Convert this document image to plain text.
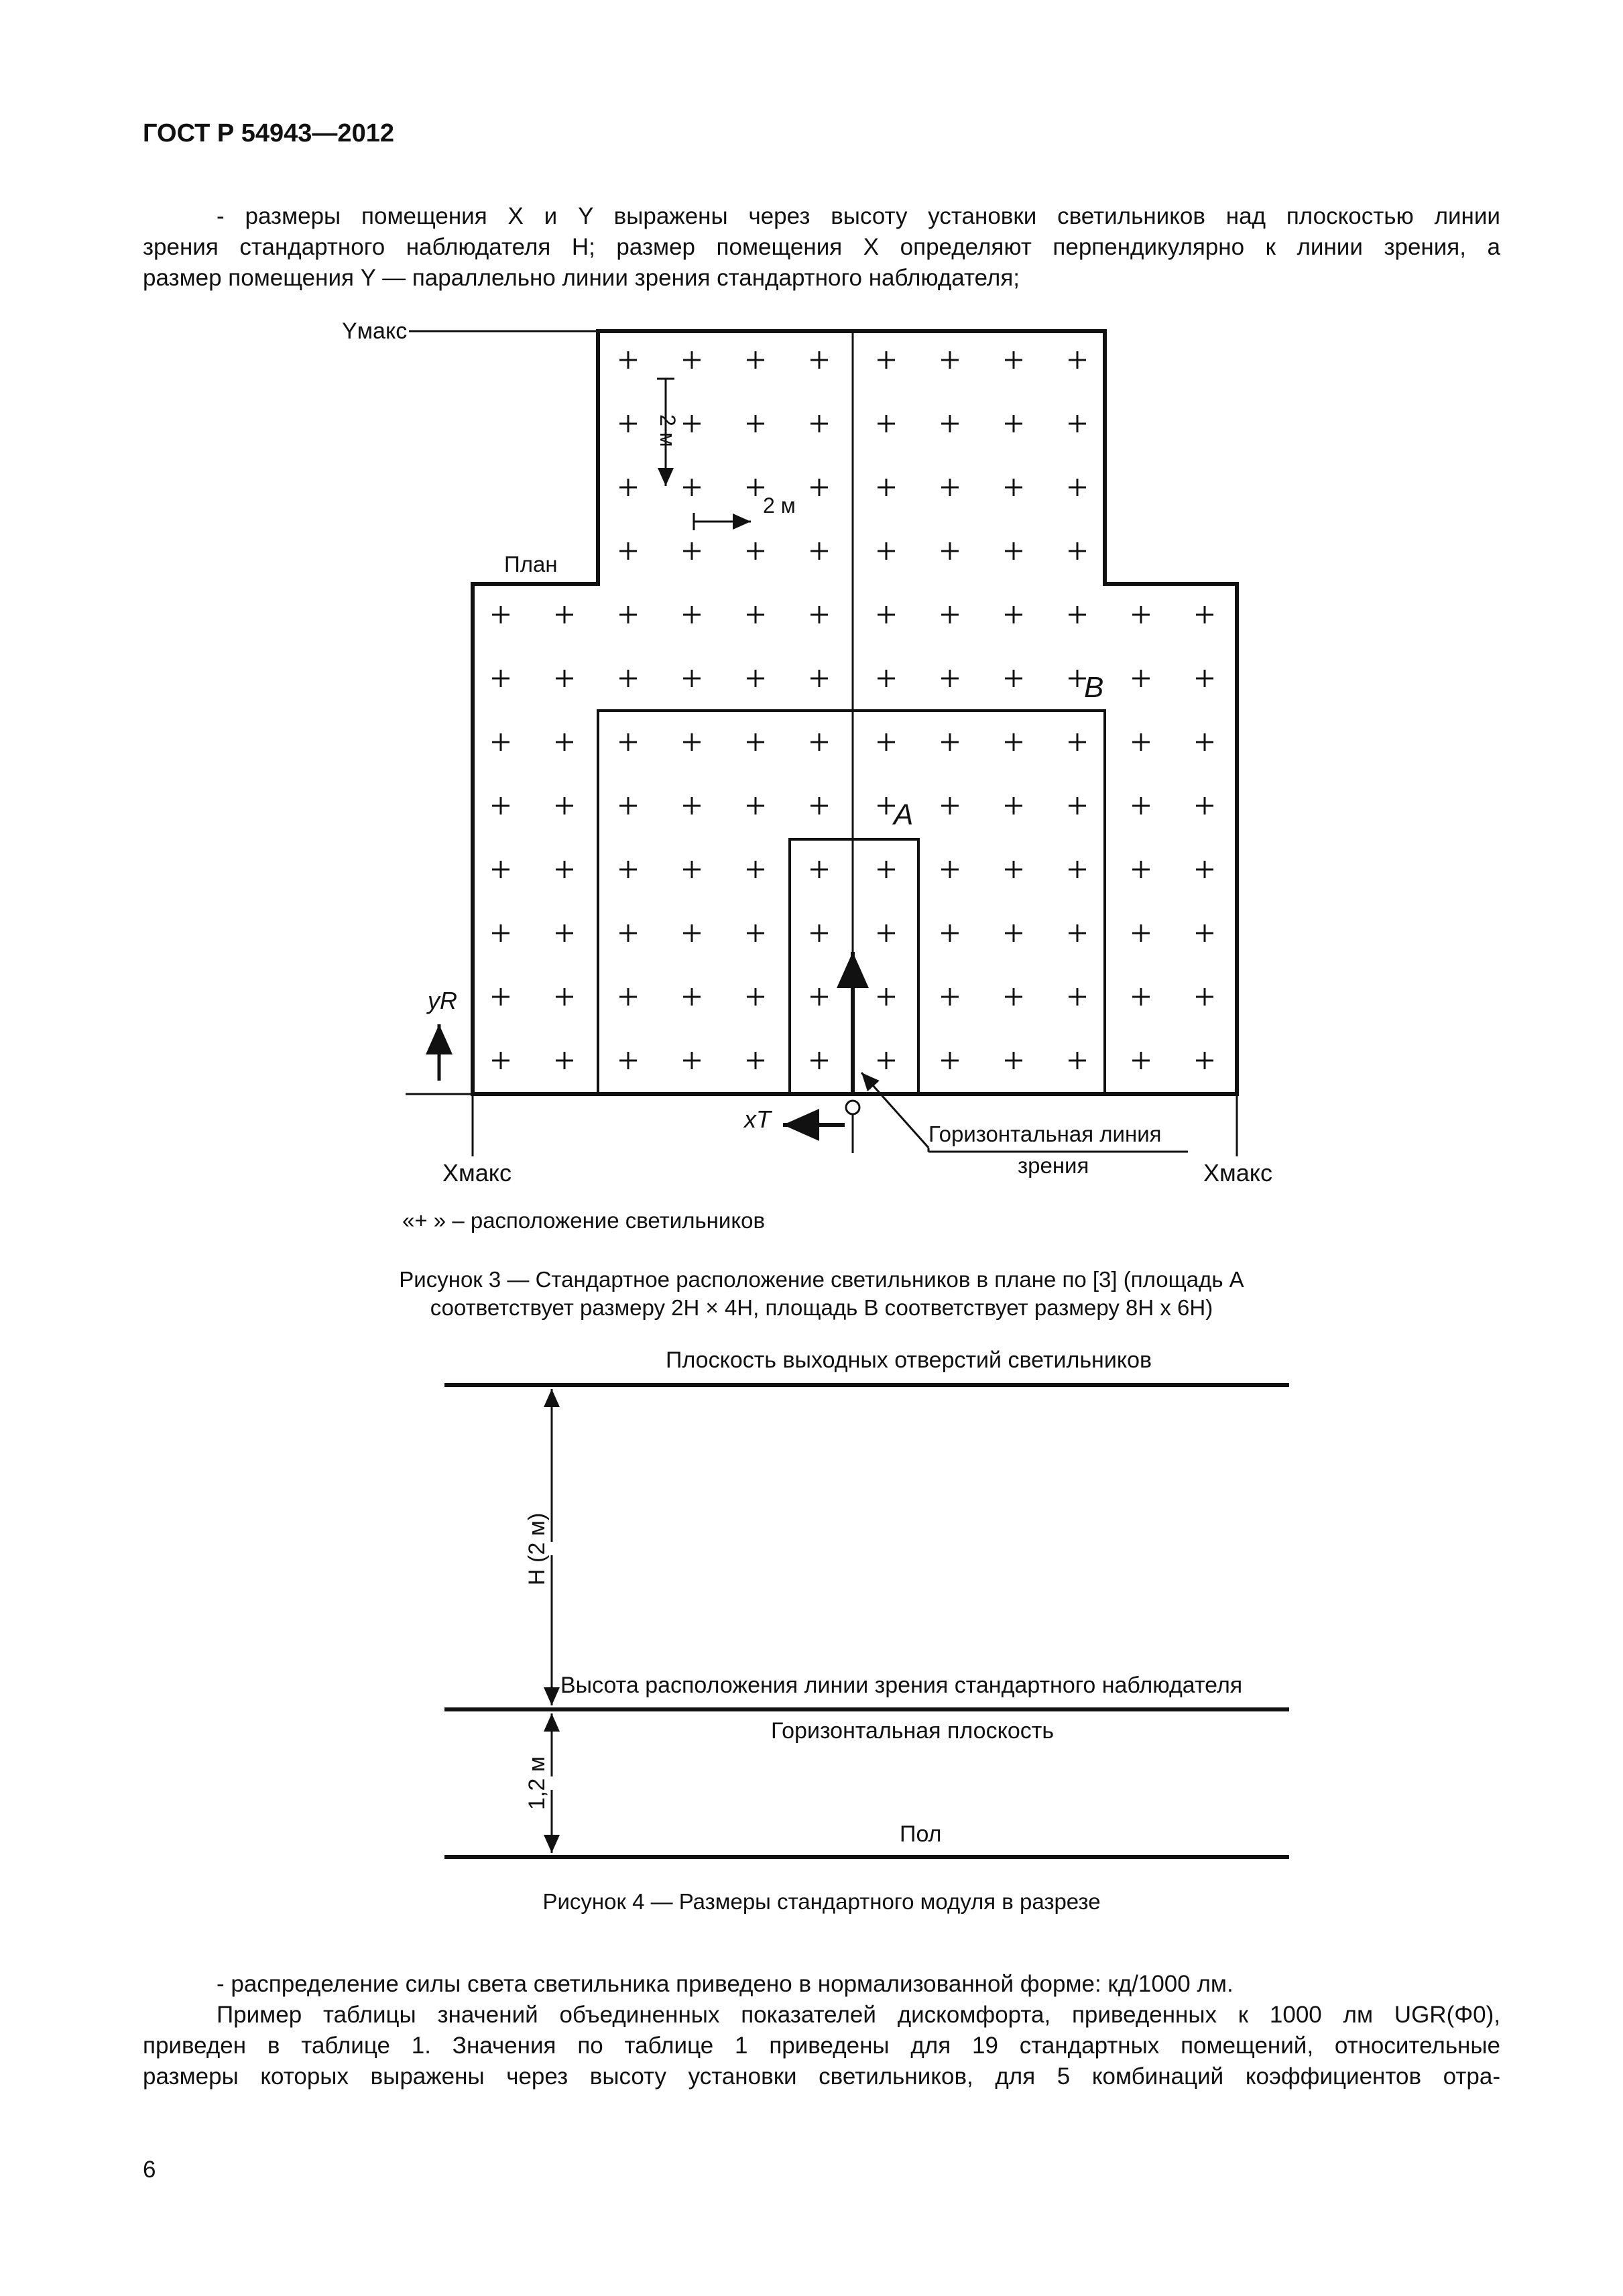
ГОСТ Р 54943—2012
- размеры помещения X и Y выражены через высоту установки светильников над плоскостью линии
зрения стандартного наблюдателя H; размер помещения X определяют перпендикулярно к линии зрения, а
размер помещения Y — параллельно линии зрения стандартного наблюдателя;
Yмакс
План
2 м
2 м
A
B
yR
xT
Xмакс	Xмакс
Горизонтальная линия
зрения
«+ » – расположение светильников
Рисунок 3 — Стандартное расположение светильников в плане по [3] (площадь A
соответствует размеру 2H × 4H, площадь B соответствует размеру 8H x 6H)
H (2 м)
1,2 м
Плоскость выходных отверстий светильников
Высота расположения линии зрения стандартного наблюдателя
Горизонтальная плоскость
Пол
Рисунок 4 — Размеры стандартного модуля в разрезе
- распределение силы света светильника приведено в нормализованной форме: кд/1000 лм.
Пример таблицы значений объединенных показателей дискомфорта, приведенных к 1000 лм UGR(Φ0),
приведен в таблице 1. Значения по таблице 1 приведены для 19 стандартных помещений, относительные
размеры которых выражены через высоту установки светильников, для 5 комбинаций коэффициентов отра-
6
